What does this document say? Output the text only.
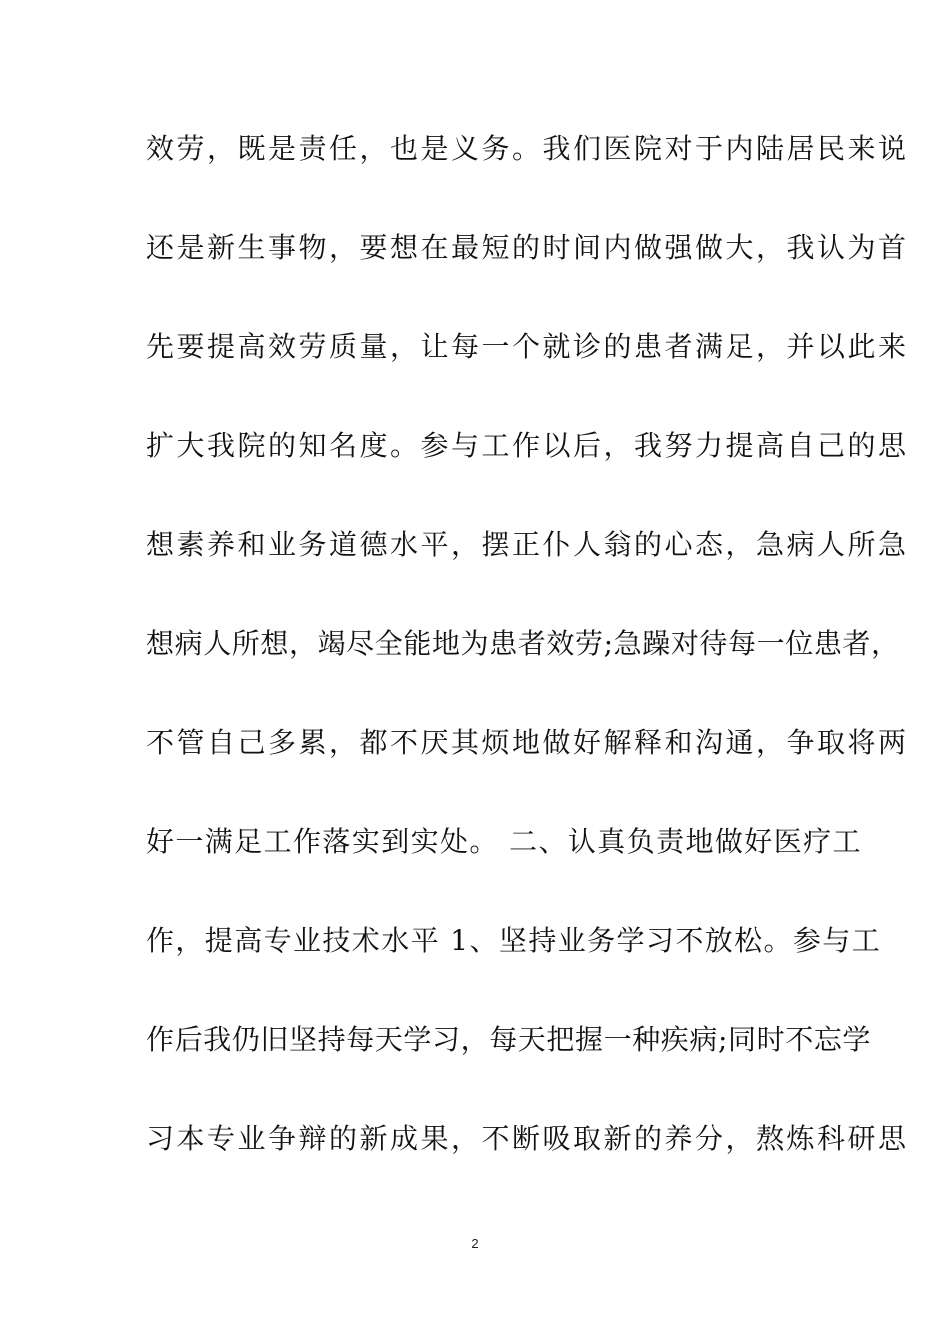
效劳，既是责任，也是义务。我们医院对于内陆居民来说
还是新生事物，要想在最短的时间内做强做大，我认为首
先要提高效劳质量，让每一个就诊的患者满足，并以此来
扩大我院的知名度。参与工作以后，我努力提高自己的思
想素养和业务道德水平，摆正仆人翁的心态，急病人所急
想病人所想，竭尽全能地为患者效劳;急躁对待每一位患者，
不管自己多累，都不厌其烦地做好解释和沟通，争取将两
好一满足工作落实到实处。 二、认真负责地做好医疗工
作，提高专业技术水平 1、坚持业务学习不放松。参与工
作后我仍旧坚持每天学习，每天把握一种疾病;同时不忘学
习本专业争辩的新成果，不断吸取新的养分，熬炼科研思
2
